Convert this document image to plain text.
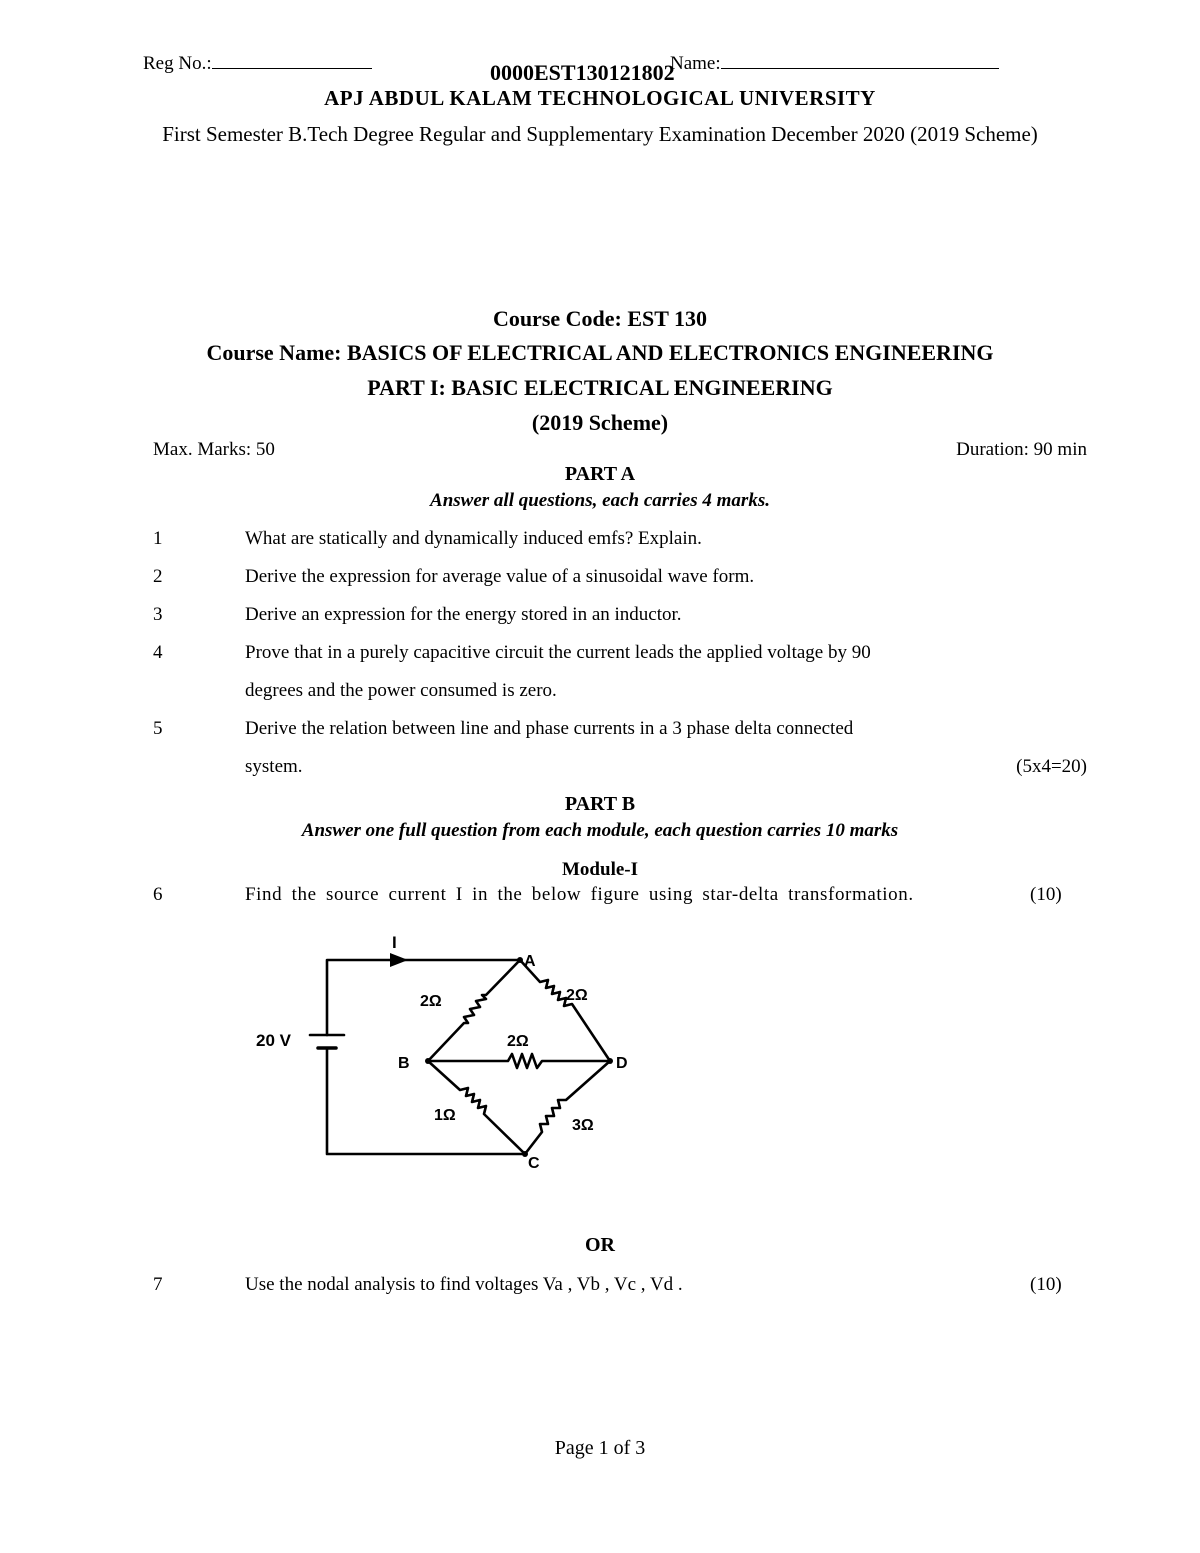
Reg No.:	Name:
0000EST130121802
APJ ABDUL KALAM TECHNOLOGICAL UNIVERSITY
First Semester B.Tech Degree Regular and Supplementary Examination December 2020 (2019 Scheme)
Course Code: EST 130
Course Name: BASICS OF ELECTRICAL AND ELECTRONICS ENGINEERING
PART I: BASIC ELECTRICAL ENGINEERING
(2019 Scheme)
Max. Marks: 50	Duration: 90 min
PART A
Answer all questions, each carries 4 marks.
1	What are statically and dynamically induced emfs? Explain.
2	Derive the expression for average value of a sinusoidal wave form.
3	Derive an expression for the energy stored in an inductor.
4	Prove that in a purely capacitive circuit the current leads the applied voltage by 90
degrees and the power consumed is zero.
5	Derive the relation between line and phase currents in a 3 phase delta connected
system.	(5x4=20)
PART B
Answer one full question from each module, each question carries 10 marks
Module-I
6	Find the source current I in the below figure using star-delta transformation.	(10)
I
20 V
A
B	D
C
2Ω	2Ω
2Ω
1Ω
3Ω
OR
7	Use the nodal analysis to find voltages Va , Vb , Vc , Vd .	(10)
Page 1 of 3
